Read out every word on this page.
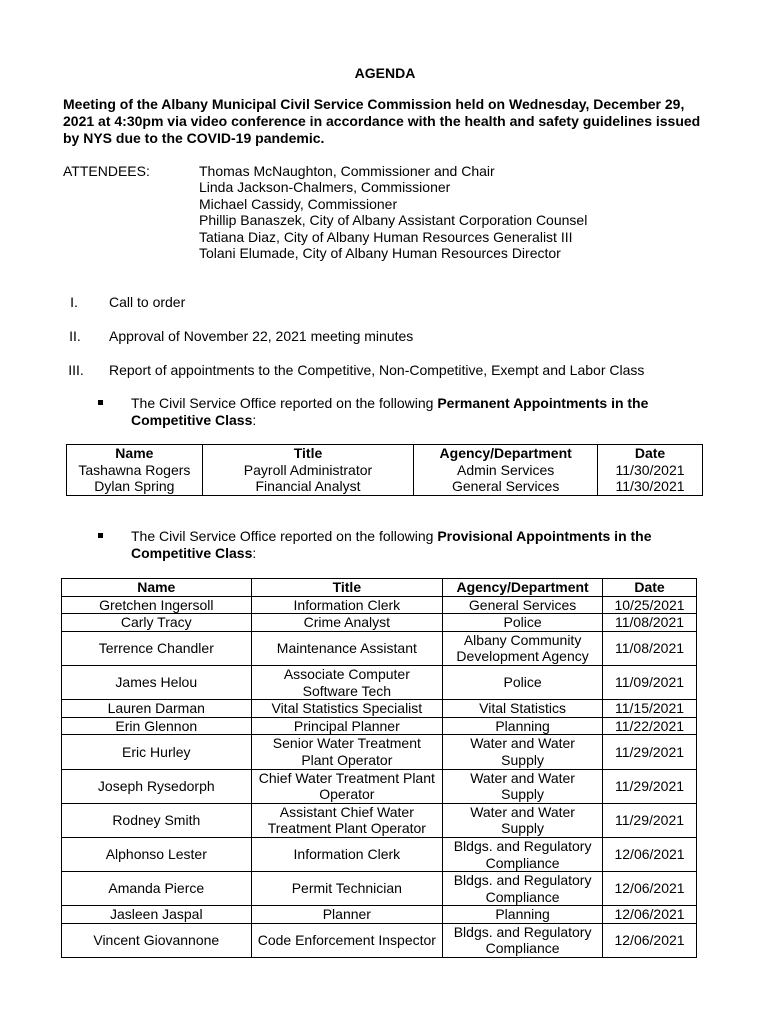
AGENDA
Meeting of the Albany Municipal Civil Service Commission held on Wednesday, December 29, 2021 at 4:30pm via video conference in accordance with the health and safety guidelines issued by NYS due to the COVID-19 pandemic.
ATTENDEES:	Thomas McNaughton, Commissioner and Chair
Linda Jackson-Chalmers, Commissioner
Michael Cassidy, Commissioner
Phillip Banaszek, City of Albany Assistant Corporation Counsel
Tatiana Diaz, City of Albany Human Resources Generalist III
Tolani Elumade, City of Albany Human Resources Director
I.	Call to order
II.	Approval of November 22, 2021 meeting minutes
III.	Report of appointments to the Competitive, Non-Competitive, Exempt and Labor Class
The Civil Service Office reported on the following Permanent Appointments in the Competitive Class:
Name	Title	Agency/Department	Date
Tashawna Rogers	Payroll Administrator	Admin Services	11/30/2021
Dylan Spring	Financial Analyst	General Services	11/30/2021
The Civil Service Office reported on the following Provisional Appointments in the Competitive Class:
Name	Title	Agency/Department	Date
Gretchen Ingersoll	Information Clerk	General Services	10/25/2021
Carly Tracy	Crime Analyst	Police	11/08/2021
Terrence Chandler	Maintenance Assistant	Albany Community Development Agency	11/08/2021
James Helou	Associate Computer Software Tech	Police	11/09/2021
Lauren Darman	Vital Statistics Specialist	Vital Statistics	11/15/2021
Erin Glennon	Principal Planner	Planning	11/22/2021
Eric Hurley	Senior Water Treatment Plant Operator	Water and Water Supply	11/29/2021
Joseph Rysedorph	Chief Water Treatment Plant Operator	Water and Water Supply	11/29/2021
Rodney Smith	Assistant Chief Water Treatment Plant Operator	Water and Water Supply	11/29/2021
Alphonso Lester	Information Clerk	Bldgs. and Regulatory Compliance	12/06/2021
Amanda Pierce	Permit Technician	Bldgs. and Regulatory Compliance	12/06/2021
Jasleen Jaspal	Planner	Planning	12/06/2021
Vincent Giovannone	Code Enforcement Inspector	Bldgs. and Regulatory Compliance	12/06/2021
